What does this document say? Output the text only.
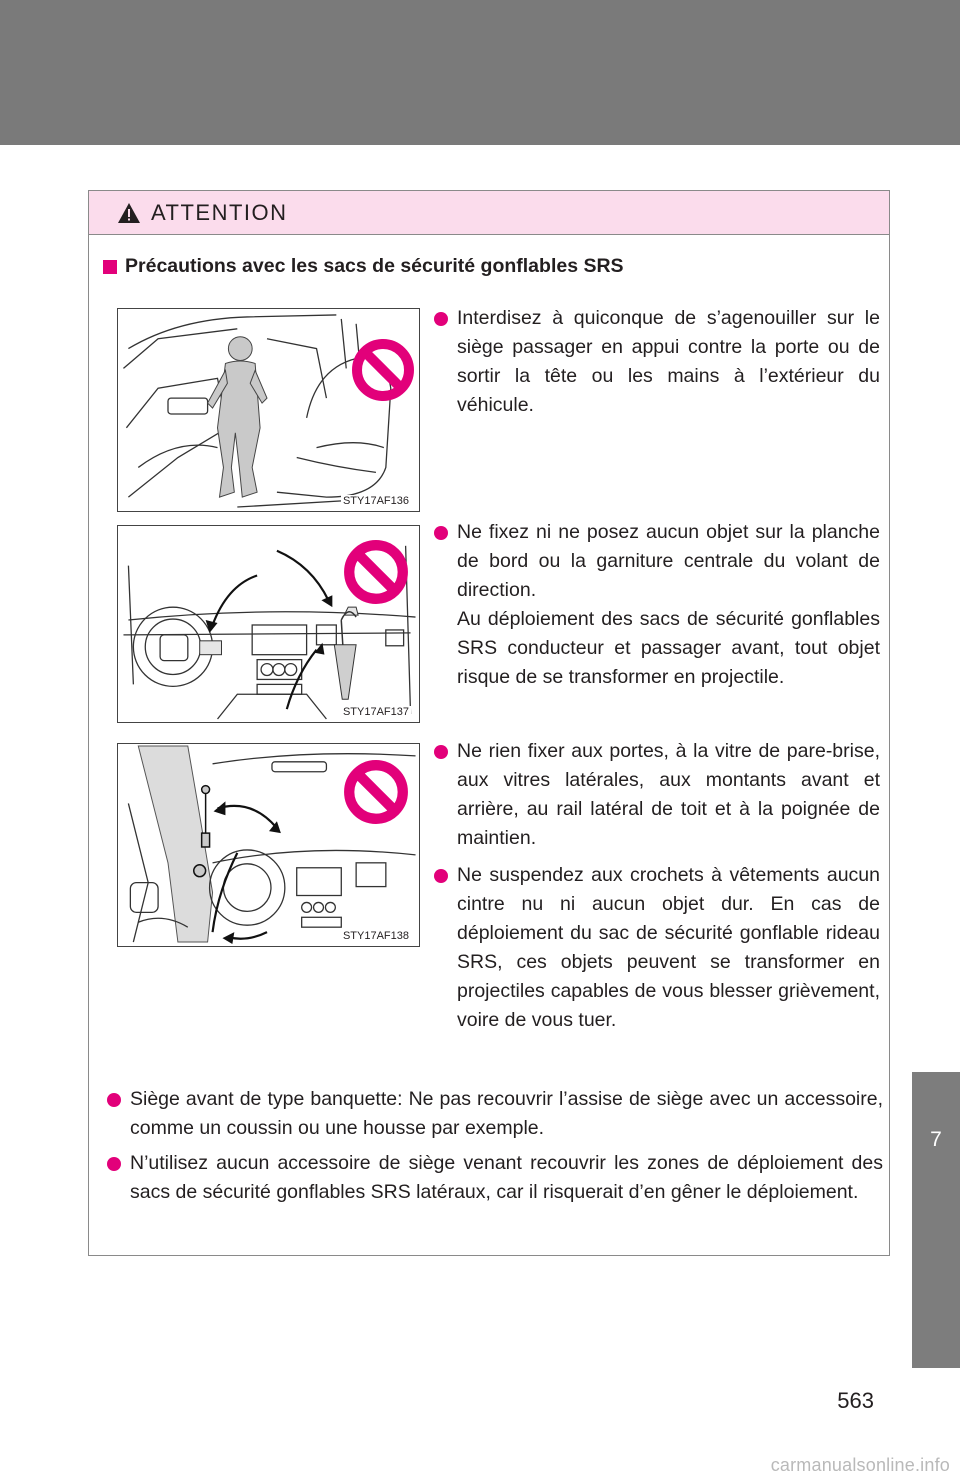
ATTENTION
Précautions avec les sacs de sécurité gonflables SRS
STY17AF136
STY17AF137
STY17AF138

Interdisez à quiconque de s’agenouiller sur le siège passager en appui contre la porte ou de sortir la tête ou les mains à l’extérieur du véhicule.

Ne fixez ni ne posez aucun objet sur la planche de bord ou la garniture centrale du volant de direction.

Au déploiement des sacs de sécurité gonflables SRS conducteur et passager avant, tout objet risque de se transformer en projectile.

Ne rien fixer aux portes, à la vitre de pare-brise, aux vitres latérales, aux montants avant et arrière, au rail latéral de toit et à la poignée de maintien.

Ne suspendez aux crochets à vêtements aucun cintre nu ni aucun objet dur. En cas de déploiement du sac de sécurité gonflable rideau SRS, ces objets peuvent se transformer en projectiles capables de vous blesser grièvement, voire de vous tuer.

Siège avant de type banquette: Ne pas recouvrir l’assise de siège avec un accessoire, comme un coussin ou une housse par exemple.

N’utilisez aucun accessoire de siège venant recouvrir les zones de déploiement des sacs de sécurité gonflables SRS latéraux, car il risquerait d’en gêner le déploiement.

7
For owners
563
carmanualsonline.info
